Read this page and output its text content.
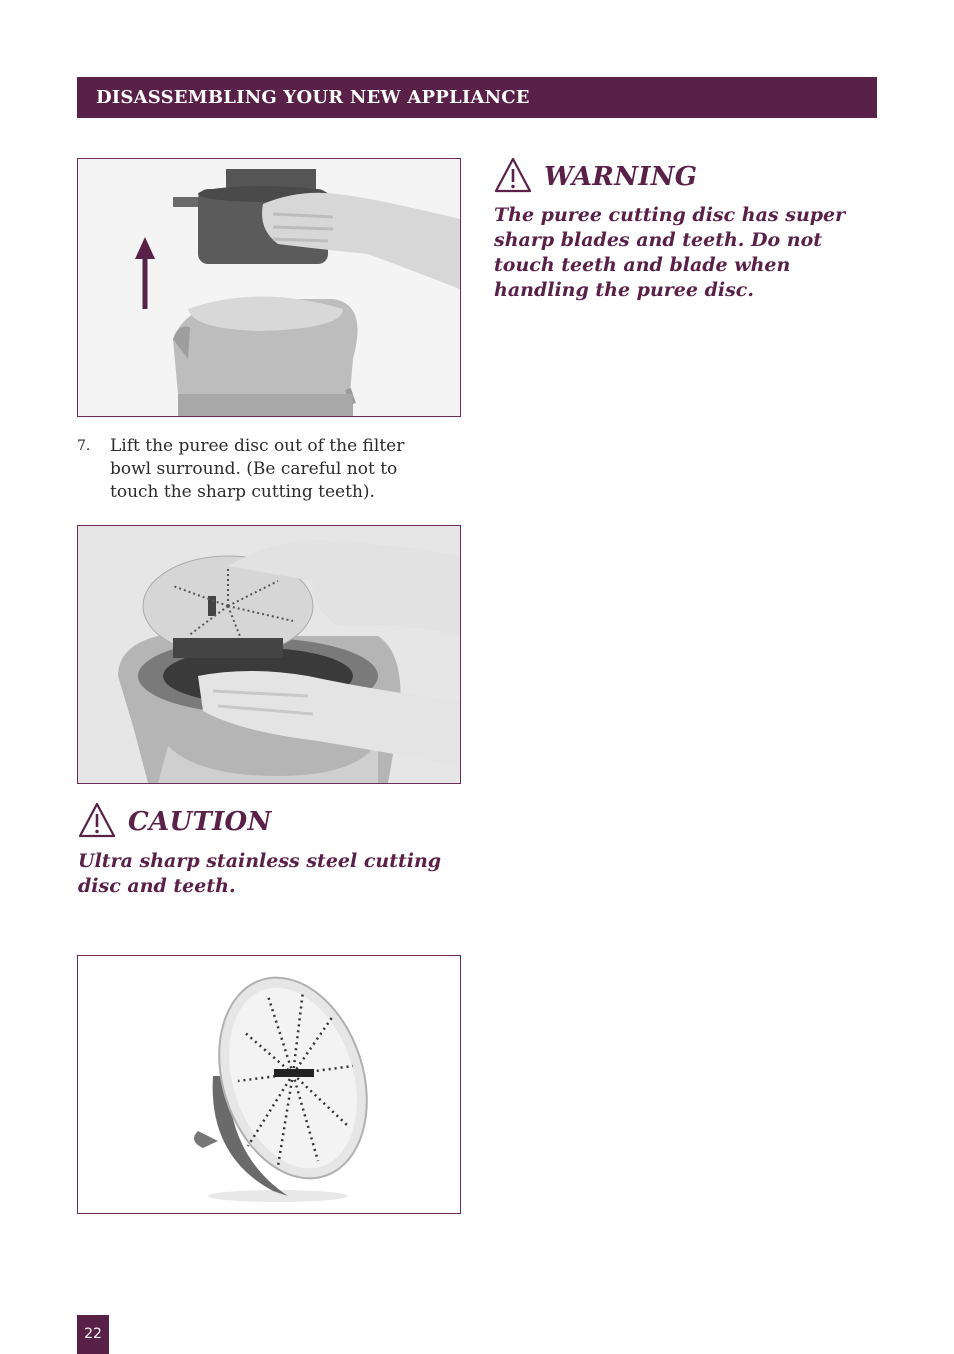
DISASSEMBLING YOUR NEW APPLIANCE
7. Lift the puree disc out of the filter bowl surround. (Be careful not to touch the sharp cutting teeth).
CAUTION
Ultra sharp stainless steel cutting disc and teeth.
WARNING
The puree cutting disc has super sharp blades and teeth. Do not touch teeth and blade when handling the puree disc.
22
